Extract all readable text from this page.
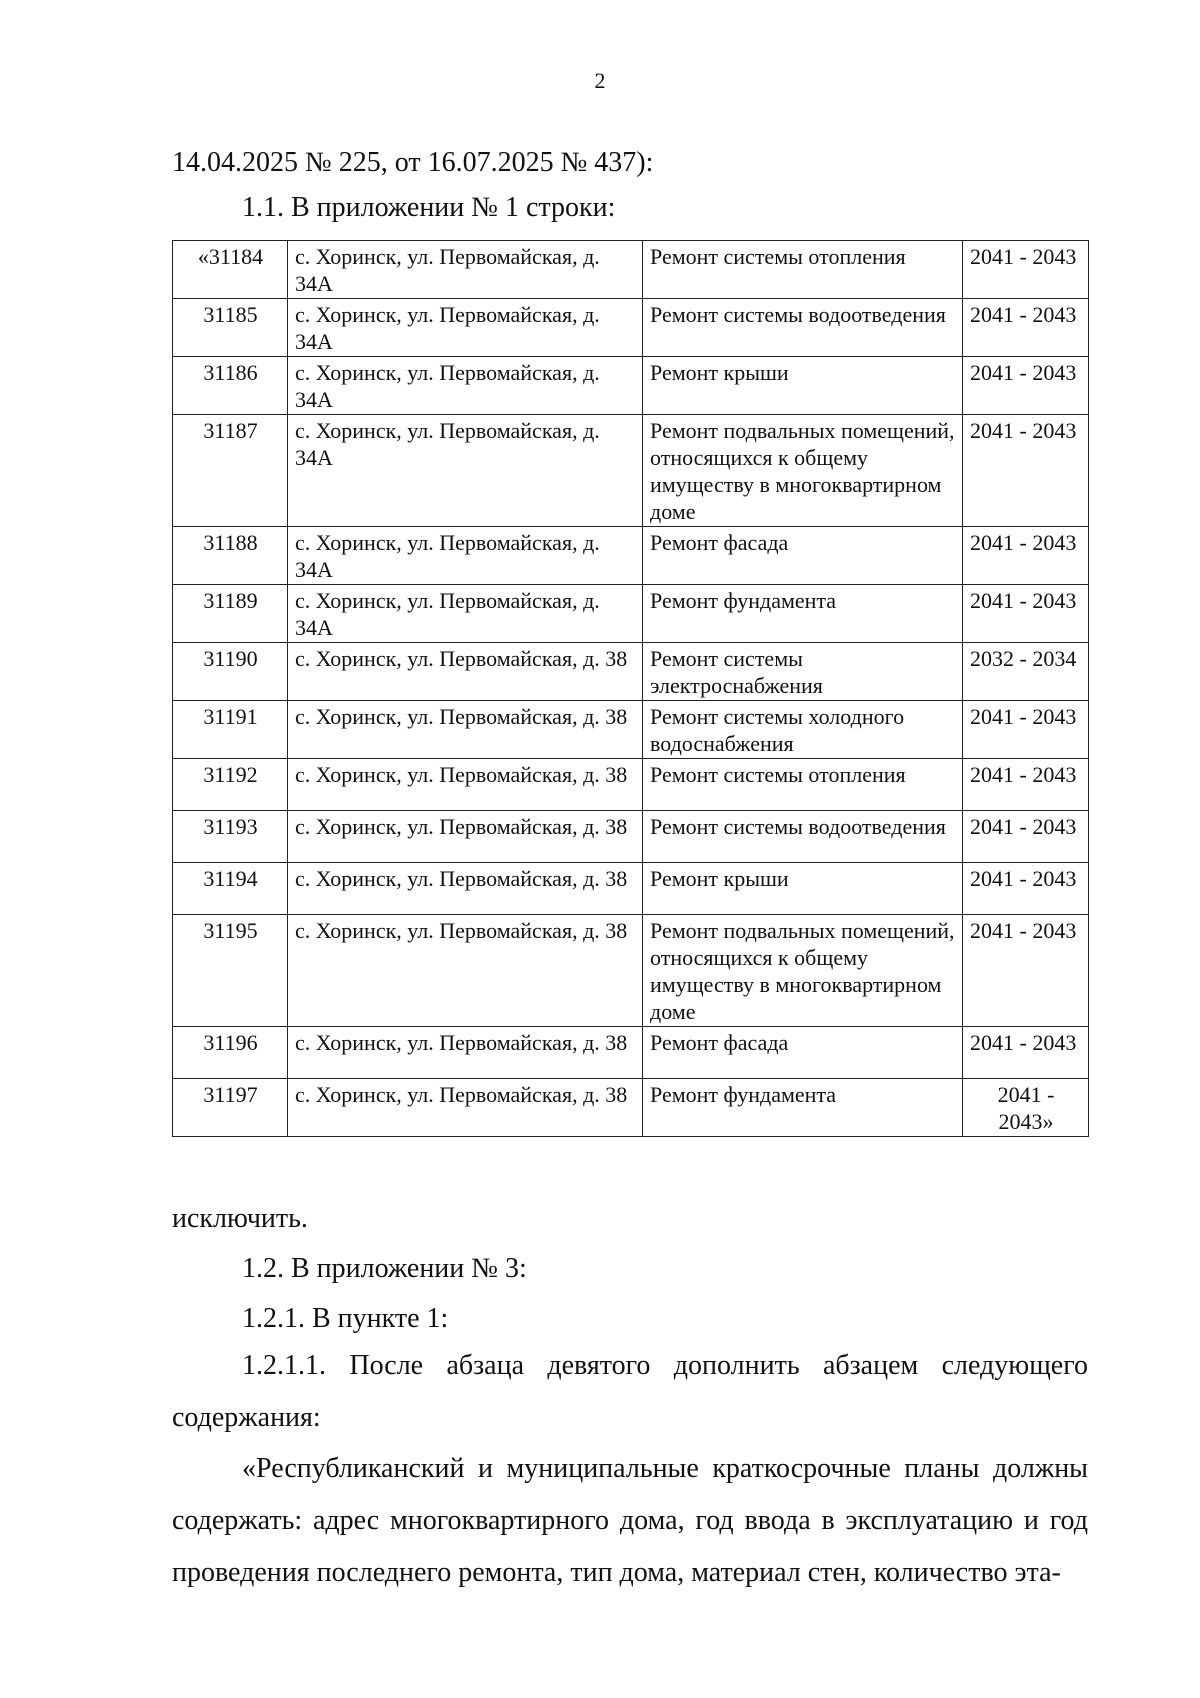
2
14.04.2025 № 225, от 16.07.2025 № 437):
1.1. В приложении № 1 строки:
«31184	с. Хоринск, ул. Первомайская, д. 34А	Ремонт системы отопления	2041 - 2043
31185	с. Хоринск, ул. Первомайская, д. 34А	Ремонт системы водоотведения	2041 - 2043
31186	с. Хоринск, ул. Первомайская, д. 34А	Ремонт крыши	2041 - 2043
31187	с. Хоринск, ул. Первомайская, д. 34А	Ремонт подвальных помещений, относящихся к общему имуществу в многоквартирном доме	2041 - 2043
31188	с. Хоринск, ул. Первомайская, д. 34А	Ремонт фасада	2041 - 2043
31189	с. Хоринск, ул. Первомайская, д. 34А	Ремонт фундамента	2041 - 2043
31190	с. Хоринск, ул. Первомайская, д. 38	Ремонт системы электроснабжения	2032 - 2034
31191	с. Хоринск, ул. Первомайская, д. 38	Ремонт системы холодного водоснабжения	2041 - 2043
31192	с. Хоринск, ул. Первомайская, д. 38	Ремонт системы отопления	2041 - 2043
31193	с. Хоринск, ул. Первомайская, д. 38	Ремонт системы водоотведения	2041 - 2043
31194	с. Хоринск, ул. Первомайская, д. 38	Ремонт крыши	2041 - 2043
31195	с. Хоринск, ул. Первомайская, д. 38	Ремонт подвальных помещений, относящихся к общему имуществу в многоквартирном доме	2041 - 2043
31196	с. Хоринск, ул. Первомайская, д. 38	Ремонт фасада	2041 - 2043
31197	с. Хоринск, ул. Первомайская, д. 38	Ремонт фундамента	2041 - 2043»
исключить.
1.2. В приложении № 3:
1.2.1. В пункте 1:
1.2.1.1. После абзаца девятого дополнить абзацем следующего содержания:
«Республиканский и муниципальные краткосрочные планы должны содержать: адрес многоквартирного дома, год ввода в эксплуатацию и год проведения последнего ремонта, тип дома, материал стен, количество эта-
